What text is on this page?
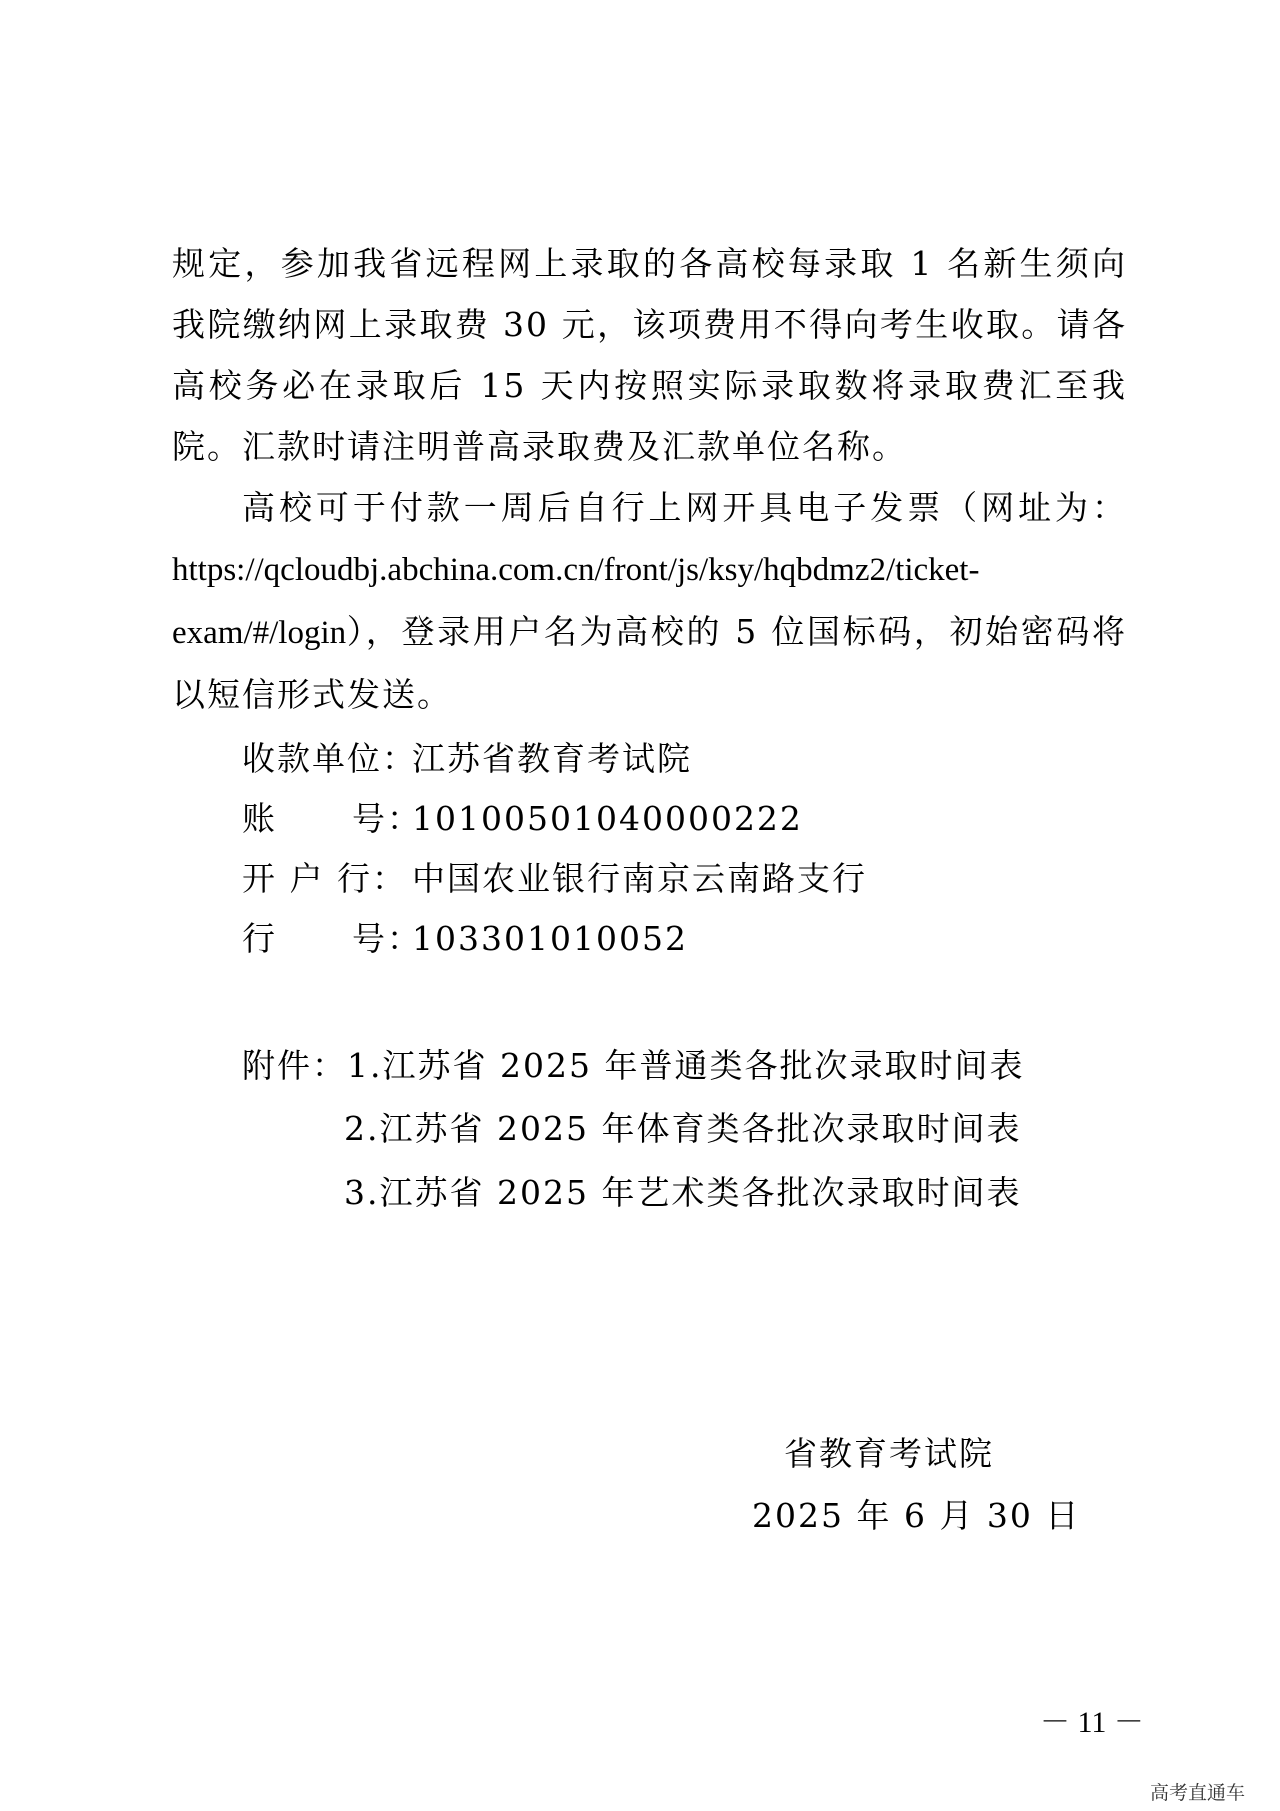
规定，参加我省远程网上录取的各高校每录取 1 名新生须向我院缴纳网上录取费 30 元，该项费用不得向考生收取。请各高校务必在录取后 15 天内按照实际录取数将录取费汇至我院。汇款时请注明普高录取费及汇款单位名称。

高校可于付款一周后自行上网开具电子发票（网址为：https://qcloudbj.abchina.com.cn/front/js/ksy/hqbdmz2/ticket-exam/#/login），登录用户名为高校的 5 位国标码，初始密码将以短信形式发送。

收款单位：江苏省教育考试院
账      号：10100501040000222
开 户 行： 中国农业银行南京云南路支行
行      号：103301010052
附件：1.江苏省 2025 年普通类各批次录取时间表
2.江苏省 2025 年体育类各批次录取时间表
3.江苏省 2025 年艺术类各批次录取时间表
省教育考试院
2025 年 6 月 30 日
－ 11 －
高考直通车
